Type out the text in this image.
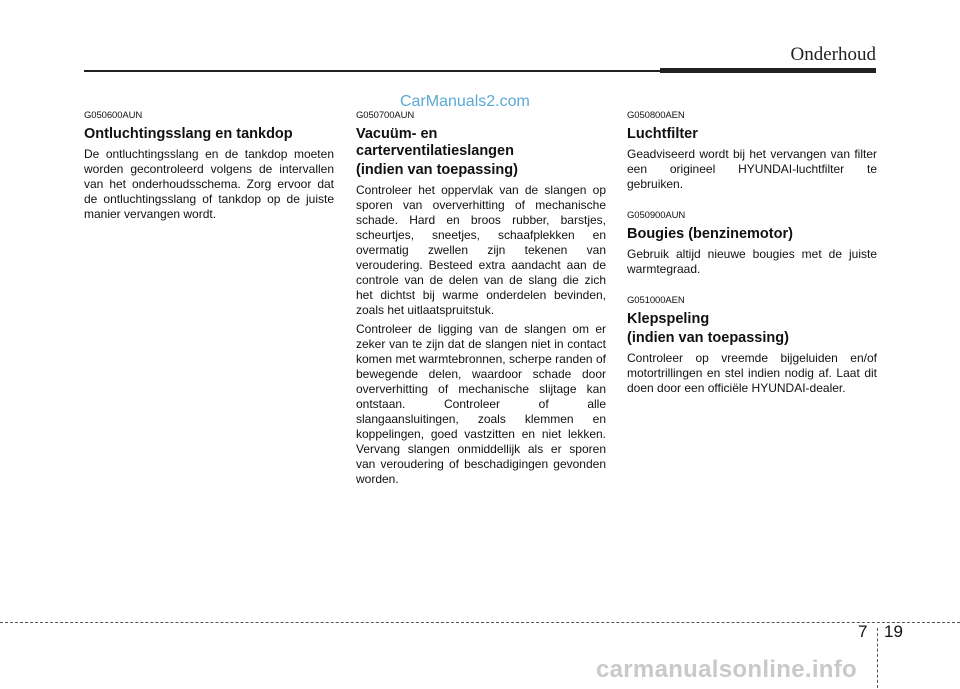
Onderhoud
CarManuals2.com
G050600AUN
Ontluchtingsslang en tankdop

De ontluchtingsslang en de tankdop moeten worden gecontroleerd volgens de intervallen van het onderhoudsschema. Zorg ervoor dat de ontluchtingsslang of tankdop op de juiste manier vervangen wordt.

G050700AUN
Vacuüm- en carterventilatieslangen
(indien van toepassing)

Controleer het oppervlak van de slangen op sporen van oververhitting of mechanische schade. Hard en broos rubber, barstjes, scheurtjes, sneetjes, schaafplekken en overmatig zwellen zijn tekenen van veroudering. Besteed extra aandacht aan de controle van de delen van de slang die zich het dichtst bij warme onderdelen bevinden, zoals het uitlaatspruitstuk.

Controleer de ligging van de slangen om er zeker van te zijn dat de slangen niet in contact komen met warmtebronnen, scherpe randen of bewegende delen, waardoor schade door oververhitting of mechanische slijtage kan ontstaan. Controleer of alle slangaansluitingen, zoals klemmen en koppelingen, goed vastzitten en niet lekken. Vervang slangen onmiddellijk als er sporen van veroudering of beschadigingen gevonden worden.

G050800AEN
Luchtfilter

Geadviseerd wordt bij het vervangen van filter een origineel HYUNDAI-luchtfilter te gebruiken.

G050900AUN
Bougies (benzinemotor)

Gebruik altijd nieuwe bougies met de juiste warmtegraad.

G051000AEN
Klepspeling
(indien van toepassing)

Controleer op vreemde bijgeluiden en/of motortrillingen en stel indien nodig af. Laat dit doen door een officiële HYUNDAI-dealer.

7 19
carmanualsonline.info
